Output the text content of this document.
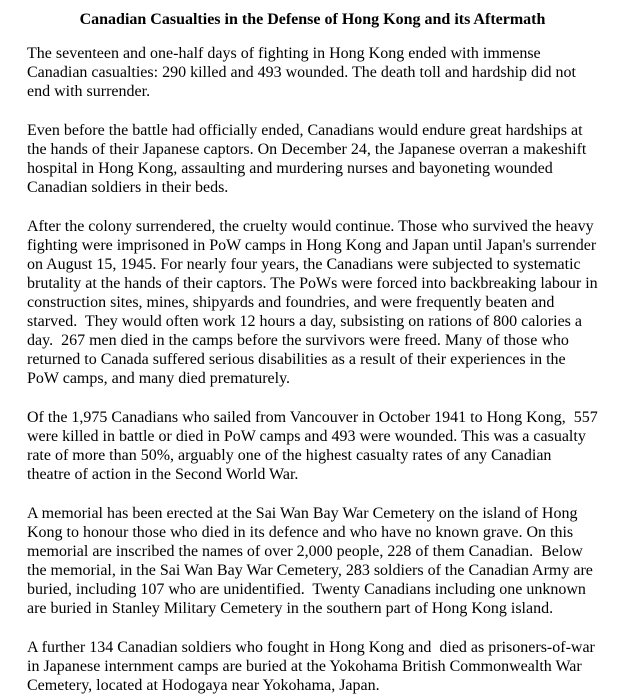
Canadian Casualties in the Defense of Hong Kong and its Aftermath

The seventeen and one-half days of fighting in Hong Kong ended with immense Canadian casualties: 290 killed and 493 wounded. The death toll and hardship did not end with surrender.

Even before the battle had officially ended, Canadians would endure great hardships at the hands of their Japanese captors. On December 24, the Japanese overran a makeshift hospital in Hong Kong, assaulting and murdering nurses and bayoneting wounded Canadian soldiers in their beds.

After the colony surrendered, the cruelty would continue. Those who survived the heavy fighting were imprisoned in PoW camps in Hong Kong and Japan until Japan's surrender on August 15, 1945. For nearly four years, the Canadians were subjected to systematic brutality at the hands of their captors. The PoWs were forced into backbreaking labour in construction sites, mines, shipyards and foundries, and were frequently beaten and starved.  They would often work 12 hours a day, subsisting on rations of 800 calories a day.  267 men died in the camps before the survivors were freed. Many of those who returned to Canada suffered serious disabilities as a result of their experiences in the PoW camps, and many died prematurely.

Of the 1,975 Canadians who sailed from Vancouver in October 1941 to Hong Kong,  557 were killed in battle or died in PoW camps and 493 were wounded. This was a casualty rate of more than 50%, arguably one of the highest casualty rates of any Canadian theatre of action in the Second World War.

A memorial has been erected at the Sai Wan Bay War Cemetery on the island of Hong Kong to honour those who died in its defence and who have no known grave. On this memorial are inscribed the names of over 2,000 people, 228 of them Canadian.  Below the memorial, in the Sai Wan Bay War Cemetery, 283 soldiers of the Canadian Army are buried, including 107 who are unidentified.  Twenty Canadians including one unknown are buried in Stanley Military Cemetery in the southern part of Hong Kong island.

A further 134 Canadian soldiers who fought in Hong Kong and  died as prisoners-of-war in Japanese internment camps are buried at the Yokohama British Commonwealth War Cemetery, located at Hodogaya near Yokohama, Japan.
